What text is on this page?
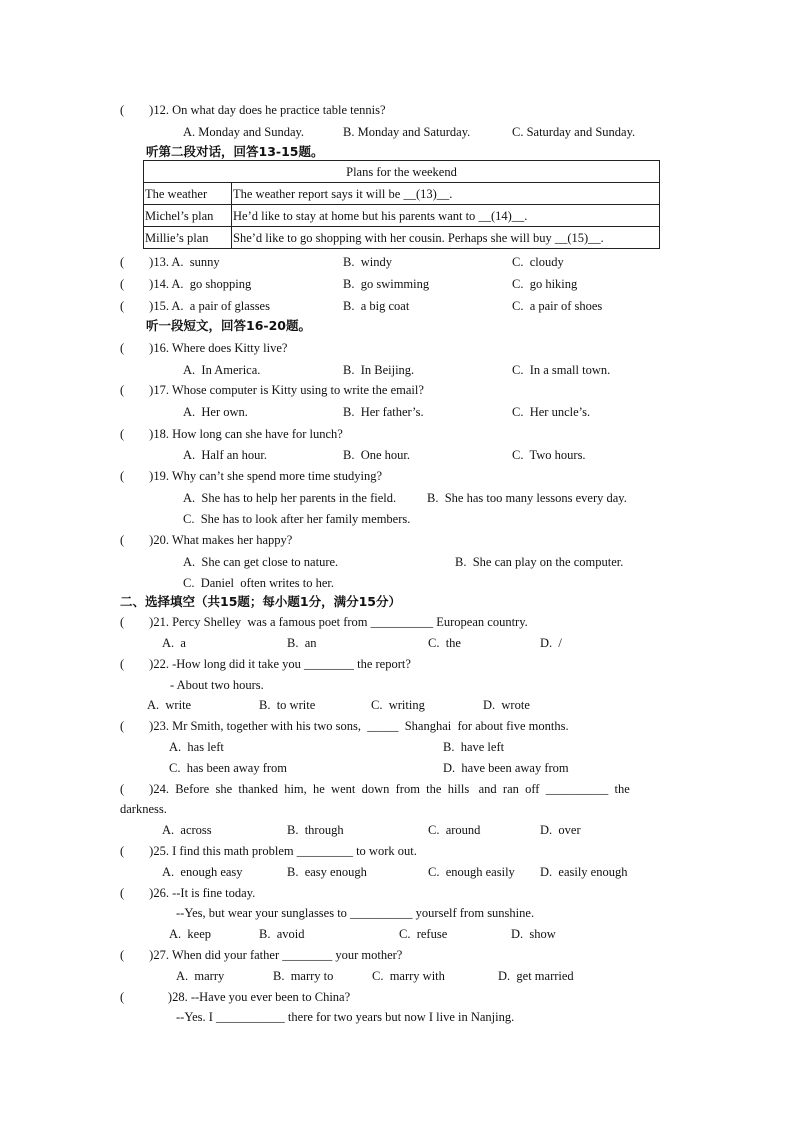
(        )12. On what day does he practice table tennis?
A. Monday and Sunday.	B. Monday and Saturday.	C. Saturday and Sunday.
听第二段对话，回答13-15题。
Plans for the weekend	
The weather	The weather report says it will be __(13)__.
Michel’s plan	He’d like to stay at home but his parents want to __(14)__.
Millie’s plan	She’d like to go shopping with her cousin. Perhaps she will buy __(15)__.
(        )13. A.  sunny	B.  windy	C.  cloudy
(        )14. A.  go shopping	B.  go swimming	C.  go hiking
(        )15. A.  a pair of glasses	B.  a big coat	C.  a pair of shoes
听一段短文，回答16-20题。
(        )16. Where does Kitty live?
A.  In America.	B.  In Beijing.	C.  In a small town.
(        )17. Whose computer is Kitty using to write the email?
A.  Her own.	B.  Her father’s.	C.  Her uncle’s.
(        )18. How long can she have for lunch?
A.  Half an hour.	B.  One hour.	C.  Two hours.
(        )19. Why can’t she spend more time studying?
A.  She has to help her parents in the field. B.  She has too many lessons every day.
C.  She has to look after her family members.
(        )20. What makes her happy?
A.  She can get close to nature.	B.  She can play on the computer.
C.  Daniel  often writes to her.
二、选择填空（共15题；每小题1分，满分15分）
(        )21. Percy Shelley  was a famous poet from __________ European country.
A.  a	B.  an	C.  the	D.  /
(        )22. -How long did it take you ________ the report?
- About two hours.
A.  write	B.  to write	C.  writing	D.  wrote
(        )23. Mr Smith, together with his two sons,  _____  Shanghai  for about five months.
A.  has left	B.  have left
C.  has been away from	D.  have been away from
(        )24.  Before  she  thanked  him,  he  went  down  from  the  hills   and  ran  off  __________  the
darkness.
A.  across	B.  through	C.  around	D.  over
(        )25. I find this math problem _________ to work out.
A.  enough easy	B.  easy enough	C.  enough easily D.  easily enough
(        )26. --It is fine today.
--Yes, but wear your sunglasses to __________ yourself from sunshine.
A.  keep	B.  avoid	C.  refuse	D.  show
(        )27. When did your father ________ your mother?
A.  marry	B.  marry to	C.  marry with	D.  get married
(              )28. --Have you ever been to China?
--Yes. I ___________ there for two years but now I live in Nanjing.
